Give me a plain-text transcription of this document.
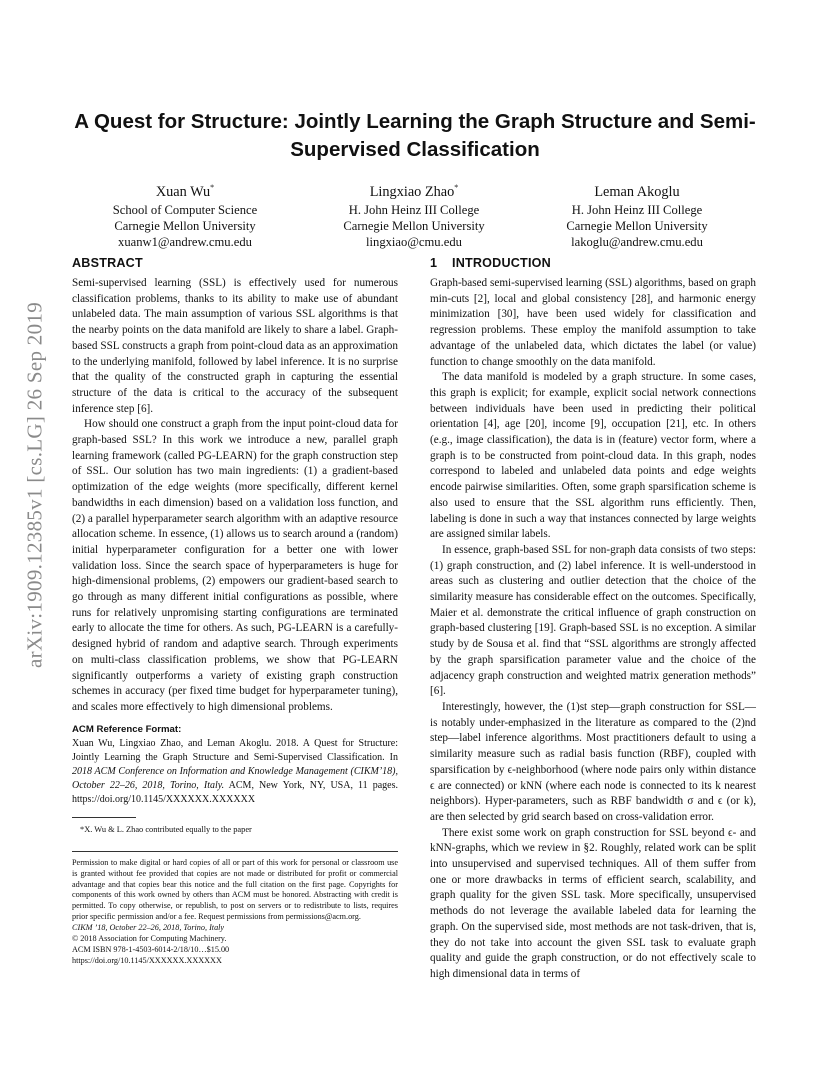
arXiv:1909.12385v1 [cs.LG] 26 Sep 2019
A Quest for Structure: Jointly Learning the Graph Structure and Semi-Supervised Classification
Xuan Wu*
School of Computer Science
Carnegie Mellon University
xuanw1@andrew.cmu.edu
Lingxiao Zhao*
H. John Heinz III College
Carnegie Mellon University
lingxiao@cmu.edu
Leman Akoglu
H. John Heinz III College
Carnegie Mellon University
lakoglu@andrew.cmu.edu
ABSTRACT

Semi-supervised learning (SSL) is effectively used for numerous classification problems, thanks to its ability to make use of abundant unlabeled data. The main assumption of various SSL algorithms is that the nearby points on the data manifold are likely to share a label. Graph-based SSL constructs a graph from point-cloud data as an approximation to the underlying manifold, followed by label inference. It is no surprise that the quality of the constructed graph in capturing the essential structure of the data is critical to the accuracy of the subsequent inference step [6].

How should one construct a graph from the input point-cloud data for graph-based SSL? In this work we introduce a new, parallel graph learning framework (called PG-LEARN) for the graph construction step of SSL. Our solution has two main ingredients: (1) a gradient-based optimization of the edge weights (more specifically, different kernel bandwidths in each dimension) based on a validation loss function, and (2) a parallel hyperparameter search algorithm with an adaptive resource allocation scheme. In essence, (1) allows us to search around a (random) initial hyperparameter configuration for a better one with lower validation loss. Since the search space of hyperparameters is huge for high-dimensional problems, (2) empowers our gradient-based search to go through as many different initial configurations as possible, where runs for relatively unpromising starting configurations are terminated early to allocate the time for others. As such, PG-LEARN is a carefully-designed hybrid of random and adaptive search. Through experiments on multi-class classification problems, we show that PG-LEARN significantly outperforms a variety of existing graph construction schemes in accuracy (per fixed time budget for hyperparameter tuning), and scales more effectively to high dimensional problems.

ACM Reference Format:

Xuan Wu, Lingxiao Zhao, and Leman Akoglu. 2018. A Quest for Structure: Jointly Learning the Graph Structure and Semi-Supervised Classification. In 2018 ACM Conference on Information and Knowledge Management (CIKM’18), October 22–26, 2018, Torino, Italy. ACM, New York, NY, USA, 11 pages. https://doi.org/10.1145/XXXXXX.XXXXXX

*X. Wu & L. Zhao contributed equally to the paper

Permission to make digital or hard copies of all or part of this work for personal or classroom use is granted without fee provided that copies are not made or distributed for profit or commercial advantage and that copies bear this notice and the full citation on the first page. Copyrights for components of this work owned by others than ACM must be honored. Abstracting with credit is permitted. To copy otherwise, or republish, to post on servers or to redistribute to lists, requires prior specific permission and/or a fee. Request permissions from permissions@acm.org.

CIKM ’18, October 22–26, 2018, Torino, Italy

© 2018 Association for Computing Machinery.

ACM ISBN 978-1-4503-6014-2/18/10…$15.00

https://doi.org/10.1145/XXXXXX.XXXXXX

1 INTRODUCTION

Graph-based semi-supervised learning (SSL) algorithms, based on graph min-cuts [2], local and global consistency [28], and harmonic energy minimization [30], have been used widely for classification and regression problems. These employ the manifold assumption to take advantage of the unlabeled data, which dictates the label (or value) function to change smoothly on the data manifold.

The data manifold is modeled by a graph structure. In some cases, this graph is explicit; for example, explicit social network connections between individuals have been used in predicting their political orientation [4], age [20], income [9], occupation [21], etc. In others (e.g., image classification), the data is in (feature) vector form, where a graph is to be constructed from point-cloud data. In this graph, nodes correspond to labeled and unlabeled data points and edge weights encode pairwise similarities. Often, some graph sparsification scheme is also used to ensure that the SSL algorithm runs efficiently. Then, labeling is done in such a way that instances connected by large weights are assigned similar labels.

In essence, graph-based SSL for non-graph data consists of two steps: (1) graph construction, and (2) label inference. It is well-understood in areas such as clustering and outlier detection that the choice of the similarity measure has considerable effect on the outcomes. Specifically, Maier et al. demonstrate the critical influence of graph construction on graph-based clustering [19]. Graph-based SSL is no exception. A similar study by de Sousa et al. find that “SSL algorithms are strongly affected by the graph sparsification parameter value and the choice of the adjacency graph construction and weighted matrix generation methods” [6].

Interestingly, however, the (1)st step—graph construction for SSL—is notably under-emphasized in the literature as compared to the (2)nd step—label inference algorithms. Most practitioners default to using a similarity measure such as radial basis function (RBF), coupled with sparsification by ϵ-neighborhood (where node pairs only within distance ϵ are connected) or kNN (where each node is connected to its k nearest neighbors). Hyper-parameters, such as RBF bandwidth σ and ϵ (or k), are then selected by grid search based on cross-validation error.

There exist some work on graph construction for SSL beyond ϵ- and kNN-graphs, which we review in §2. Roughly, related work can be split into unsupervised and supervised techniques. All of them suffer from one or more drawbacks in terms of efficient search, scalability, and graph quality for the given SSL task. More specifically, unsupervised methods do not leverage the available labeled data for learning the graph. On the supervised side, most methods are not task-driven, that is, they do not take into account the given SSL task to evaluate graph quality and guide the graph construction, or do not effectively scale to high dimensional data in terms of
